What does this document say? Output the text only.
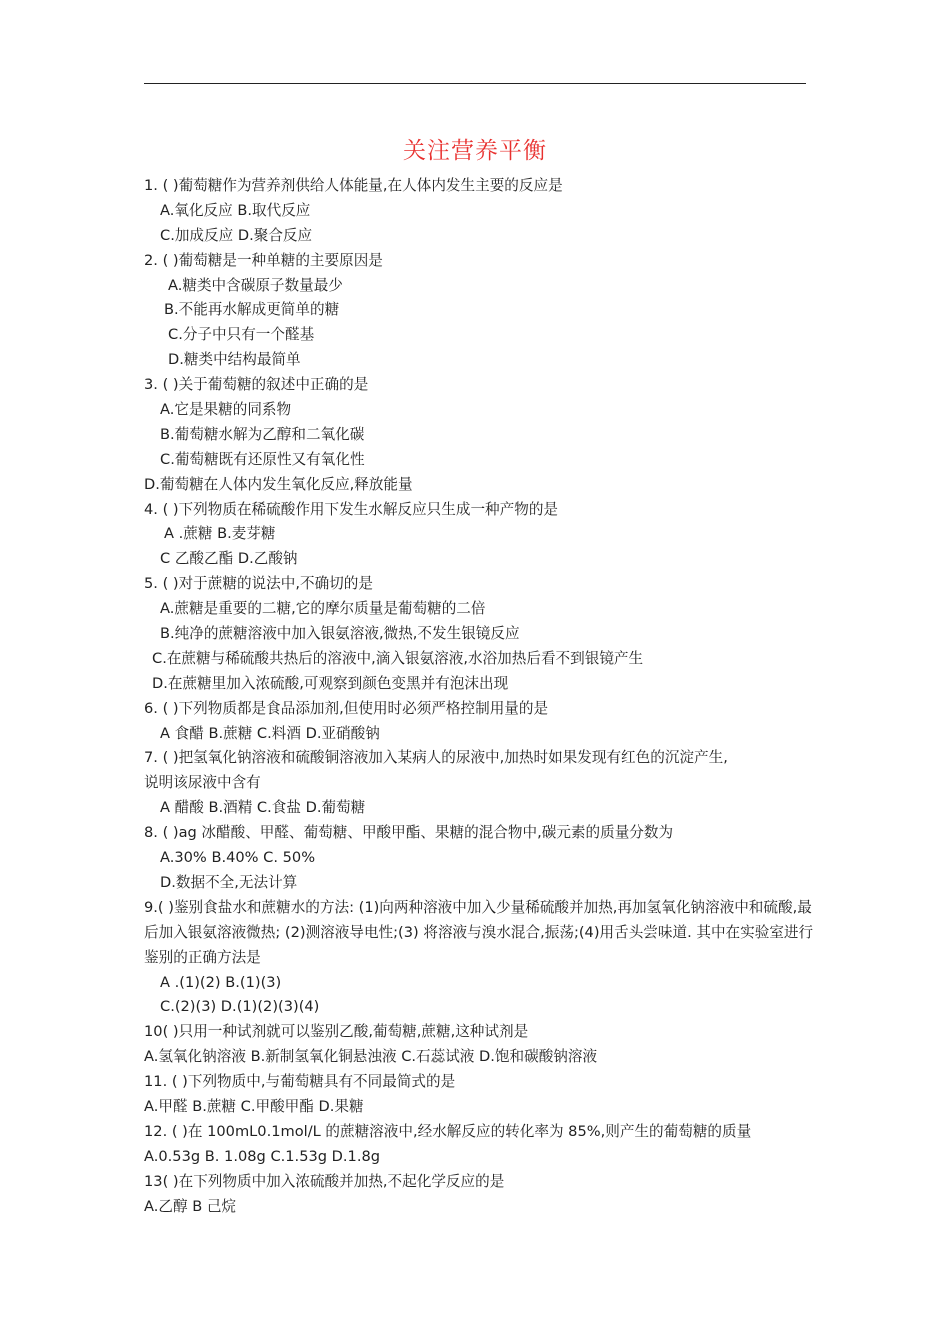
关注营养平衡
1. ( )葡萄糖作为营养剂供给人体能量,在人体内发生主要的反应是
A.氧化反应 B.取代反应
C.加成反应 D.聚合反应
2. ( )葡萄糖是一种单糖的主要原因是
A.糖类中含碳原子数量最少
B.不能再水解成更简单的糖
C.分子中只有一个醛基
D.糖类中结构最简单
3. ( )关于葡萄糖的叙述中正确的是
A.它是果糖的同系物
B.葡萄糖水解为乙醇和二氧化碳
C.葡萄糖既有还原性又有氧化性
D.葡萄糖在人体内发生氧化反应,释放能量
4. ( )下列物质在稀硫酸作用下发生水解反应只生成一种产物的是
A .蔗糖 B.麦芽糖
C 乙酸乙酯 D.乙酸钠
5. ( )对于蔗糖的说法中,不确切的是
A.蔗糖是重要的二糖,它的摩尔质量是葡萄糖的二倍
B.纯净的蔗糖溶液中加入银氨溶液,微热,不发生银镜反应
C.在蔗糖与稀硫酸共热后的溶液中,滴入银氨溶液,水浴加热后看不到银镜产生
D.在蔗糖里加入浓硫酸,可观察到颜色变黑并有泡沫出现
6. ( )下列物质都是食品添加剂,但使用时必须严格控制用量的是
A 食醋 B.蔗糖 C.料酒 D.亚硝酸钠
7. ( )把氢氧化钠溶液和硫酸铜溶液加入某病人的尿液中,加热时如果发现有红色的沉淀产生,
说明该尿液中含有
A 醋酸 B.酒精 C.食盐 D.葡萄糖
8. ( )ag 冰醋酸、甲醛、葡萄糖、甲酸甲酯、果糖的混合物中,碳元素的质量分数为
A.30% B.40% C. 50%
D.数据不全,无法计算
9.( )鉴别食盐水和蔗糖水的方法: (1)向两种溶液中加入少量稀硫酸并加热,再加氢氧化钠溶液中和硫酸,最后加入银氨溶液微热; (2)测溶液导电性;(3) 将溶液与溴水混合,振荡;(4)用舌头尝味道. 其中在实验室进行鉴别的正确方法是
A .(1)(2) B.(1)(3)
C.(2)(3) D.(1)(2)(3)(4)
10( )只用一种试剂就可以鉴别乙酸,葡萄糖,蔗糖,这种试剂是
A.氢氧化钠溶液 B.新制氢氧化铜悬浊液 C.石蕊试液 D.饱和碳酸钠溶液
11. ( )下列物质中,与葡萄糖具有不同最简式的是
A.甲醛 B.蔗糖 C.甲酸甲酯 D.果糖
12. ( )在 100mL0.1mol/L 的蔗糖溶液中,经水解反应的转化率为 85%,则产生的葡萄糖的质量
A.0.53g B. 1.08g C.1.53g D.1.8g
13( )在下列物质中加入浓硫酸并加热,不起化学反应的是
A.乙醇 B 己烷
